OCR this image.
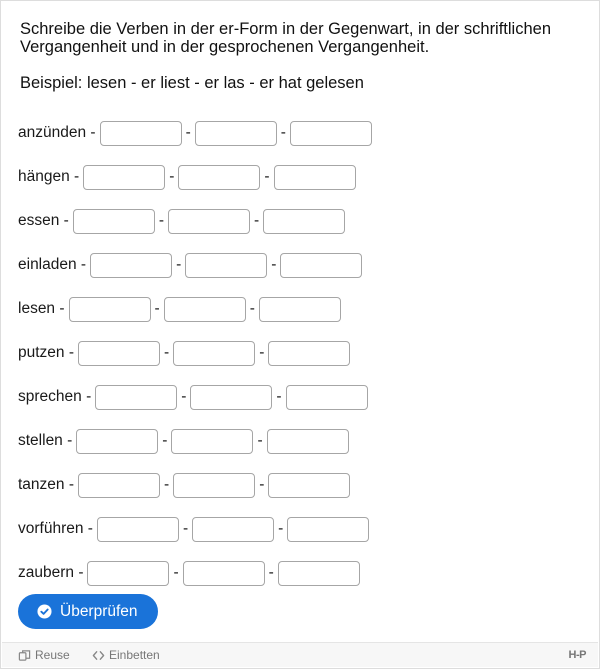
Schreibe die Verben in der er-Form in der Gegenwart, in der schriftlichen Vergangenheit und in der gesprochenen Vergangenheit.
Beispiel: lesen - er liest - er las - er hat gelesen
anzünden -	-	-
hängen -	-	-
essen -	-	-
einladen -	-	-
lesen -	-	-
putzen -	-	-
sprechen -	-	-
stellen -	-	-
tanzen -	-	-
vorführen -	-	-
zaubern -	-	-
Überprüfen
Reuse	Einbetten	H-P
